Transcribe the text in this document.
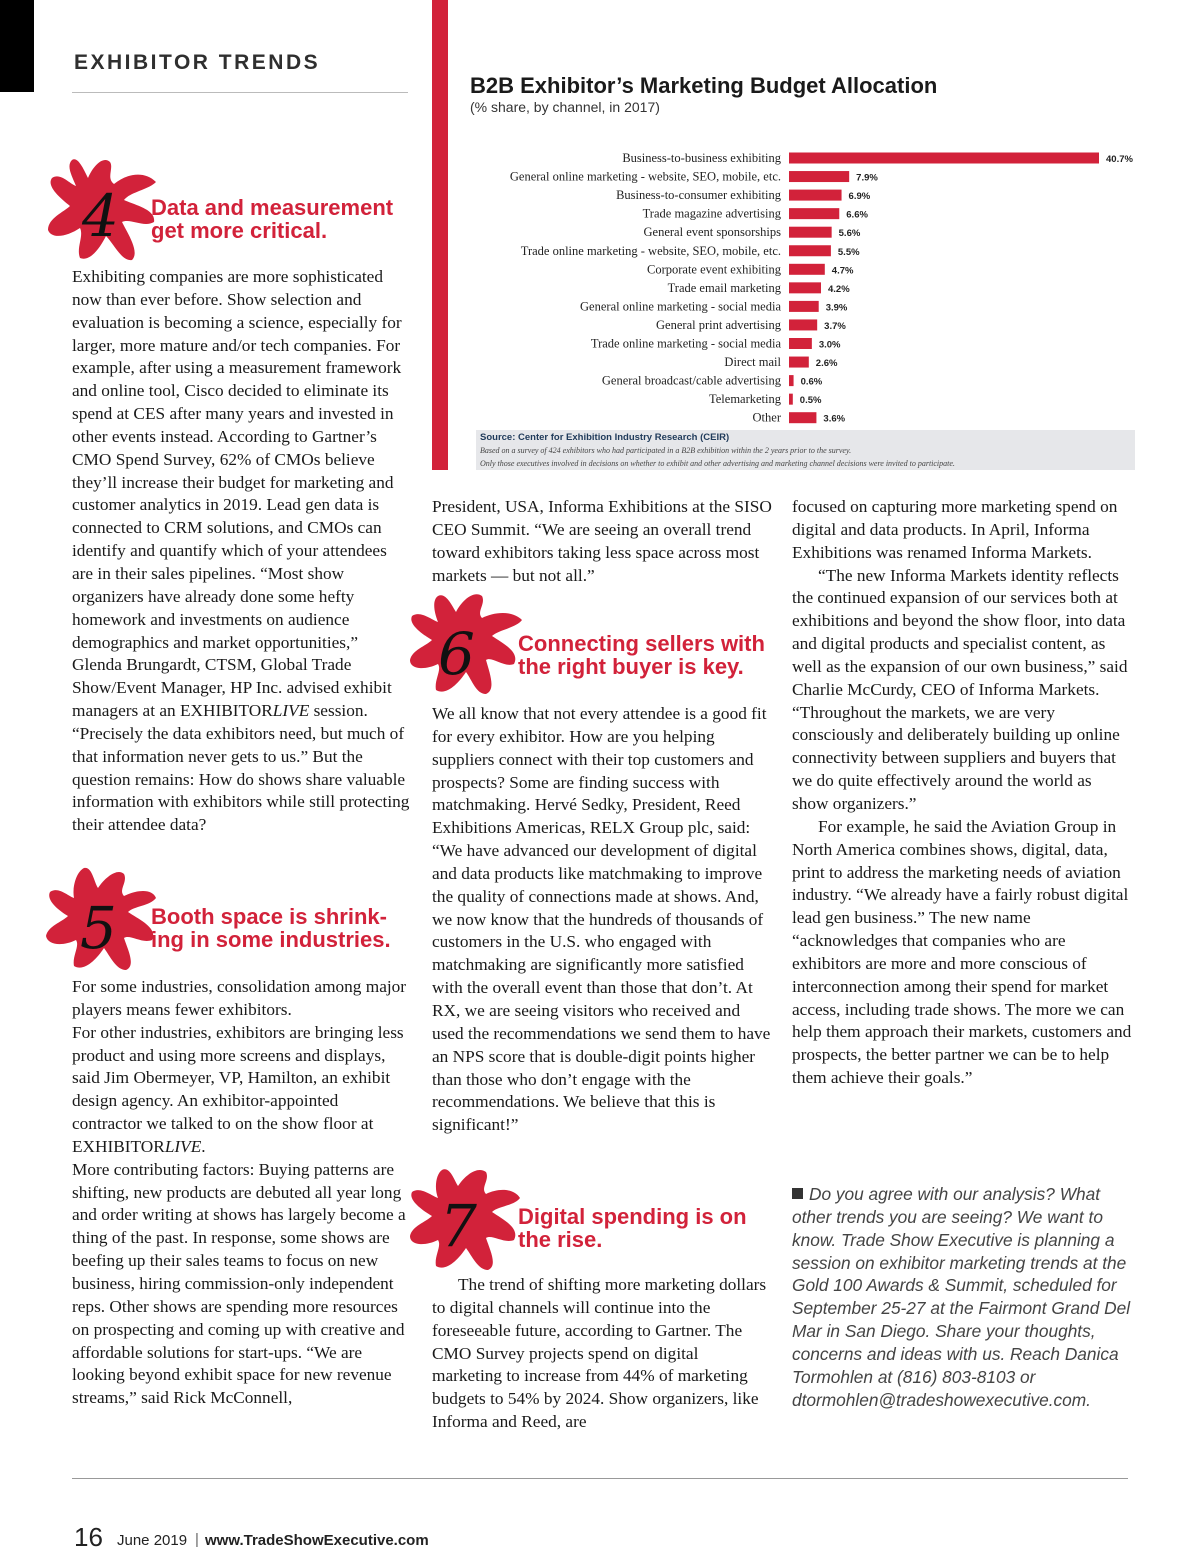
EXHIBITOR TRENDS
B2B Exhibitor’s Marketing Budget Allocation
(% share, by channel, in 2017)
Business-to-business exhibiting	40.7%
General online marketing - website, SEO, mobile, etc.	7.9%
Business-to-consumer exhibiting	6.9%
Trade magazine advertising	6.6%
General event sponsorships	5.6%
Trade online marketing - website, SEO, mobile, etc.	5.5%
Corporate event exhibiting	4.7%
Trade email marketing	4.2%
General online marketing - social media	3.9%
General print advertising	3.7%
Trade online marketing - social media	3.0%
Direct mail	2.6%
General broadcast/cable advertising 0.6%
Telemarketing 0.5%
Other	3.6%
Source: Center for Exhibition Industry Research (CEIR)
Based on a survey of 424 exhibitors who had participated in a B2B exhibition within the 2 years prior to the survey.
Only those executives involved in decisions on whether to exhibit and other advertising and marketing channel decisions were invited to participate.
4 Data and measurement
get more critical.

Exhibiting companies are more sophisticated now than ever before. Show selection and evaluation is becoming a science, especially for larger, more mature and/or tech companies. For example, after using a measurement framework and online tool, Cisco decided to eliminate its spend at CES after many years and invested in other events instead. According to Gartner’s CMO Spend Survey, 62% of CMOs believe they’ll increase their budget for marketing and customer analytics in 2019. Lead gen data is connected to CRM solutions, and CMOs can identify and quantify which of your attendees are in their sales pipelines. “Most show organizers have already done some hefty homework and investments on audience demographics and market opportunities,” Glenda Brungardt, CTSM, Global Trade Show/Event Manager, HP Inc. advised exhibit managers at an EXHIBITORLIVE session. “Precisely the data exhibitors need, but much of that information never gets to us.” But the question remains: How do shows share valuable information with exhibitors while still protecting their attendee data?

5 Booth space is shrink-
ing in some industries.

For some industries, consolidation among major players means fewer exhibitors.

For other industries, exhibitors are bringing less product and using more screens and displays, said Jim Obermeyer, VP, Hamilton, an exhibit design agency. An exhibitor-appointed contractor we talked to on the show floor at EXHIBITORLIVE.

More contributing factors: Buying patterns are shifting, new products are debuted all year long and order writing at shows has largely become a thing of the past. In response, some shows are beefing up their sales teams to focus on new business, hiring commission-only independent reps. Other shows are spending more resources on prospecting and coming up with creative and affordable solutions for start-ups. “We are looking beyond exhibit space for new revenue streams,” said Rick McConnell,

President, USA, Informa Exhibitions at the SISO CEO Summit. “We are seeing an overall trend toward exhibitors taking less space across most markets — but not all.”

6 Connecting sellers with
the right buyer is key.

We all know that not every attendee is a good fit for every exhibitor. How are you helping suppliers connect with their top customers and prospects? Some are finding success with matchmaking. Hervé Sedky, President, Reed Exhibitions Americas, RELX Group plc, said: “We have advanced our development of digital and data products like matchmaking to improve the quality of connections made at shows. And, we now know that the hundreds of thousands of customers in the U.S. who engaged with matchmaking are significantly more satisfied with the overall event than those that don’t. At RX, we are seeing visitors who received and used the recommendations we send them to have an NPS score that is double-digit points higher than those who don’t engage with the recommendations. We believe that this is significant!”

7 Digital spending is on
the rise.

The trend of shifting more marketing dollars to digital channels will continue into the foreseeable future, according to Gartner. The CMO Survey projects spend on digital marketing to increase from 44% of marketing budgets to 54% by 2024. Show organizers, like Informa and Reed, are

focused on capturing more marketing spend on digital and data products. In April, Informa Exhibitions was renamed Informa Markets.

“The new Informa Markets identity reflects the continued expansion of our services both at exhibitions and beyond the show floor, into data and digital products and specialist content, as well as the expansion of our own business,” said Charlie McCurdy, CEO of Informa Markets. “Throughout the markets, we are very consciously and deliberately building up online connectivity between suppliers and buyers that we do quite effectively around the world as show organizers.”

For example, he said the Aviation Group in North America combines shows, digital, data, print to address the marketing needs of aviation industry. “We already have a fairly robust digital lead gen business.” The new name “acknowledges that companies who are exhibitors are more and more conscious of interconnection among their spend for market access, including trade shows. The more we can help them approach their markets, customers and prospects, the better partner we can be to help them achieve their goals.”

Do you agree with our analysis? What other trends you are seeing? We want to know. Trade Show Executive is planning a session on exhibitor marketing trends at the Gold 100 Awards & Summit, scheduled for September 25-27 at the Fairmont Grand Del Mar in San Diego. Share your thoughts, concerns and ideas with us. Reach Danica Tormohlen at (816) 803-8103 or dtormohlen@tradeshowexecutive.com.
16 June 2019 | www.TradeShowExecutive.com
